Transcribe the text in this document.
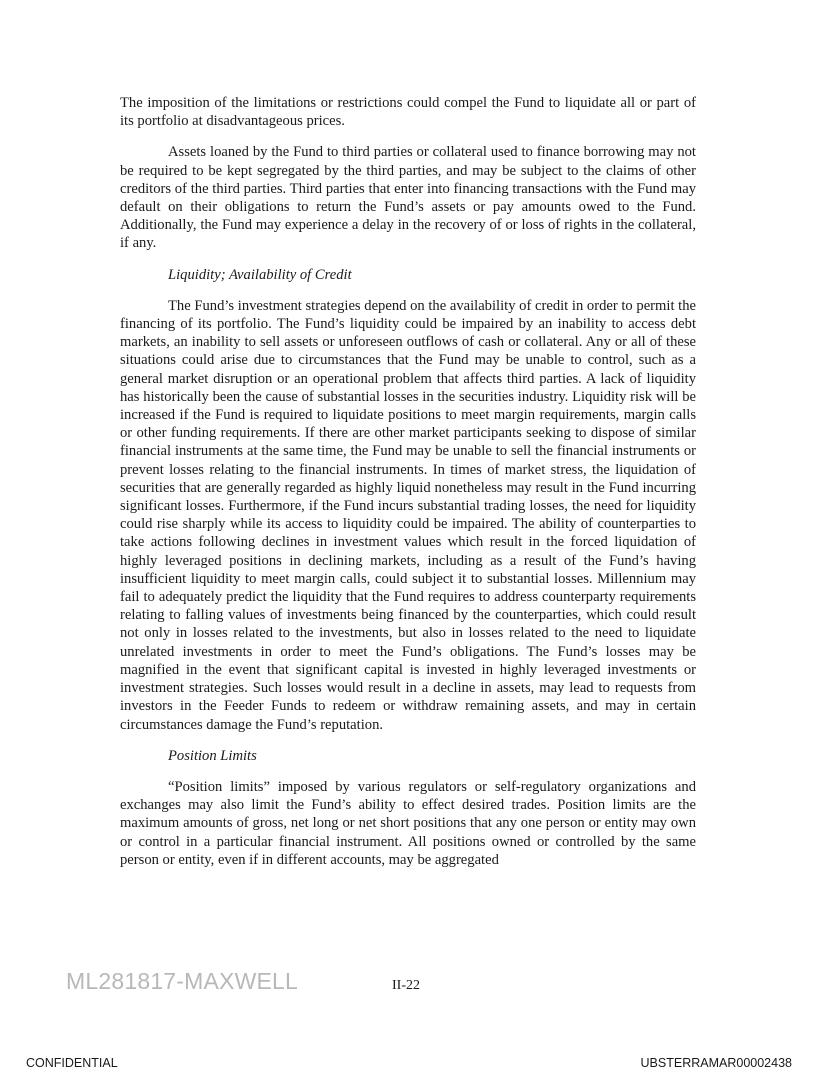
The imposition of the limitations or restrictions could compel the Fund to liquidate all or part of its portfolio at disadvantageous prices.

Assets loaned by the Fund to third parties or collateral used to finance borrowing may not be required to be kept segregated by the third parties, and may be subject to the claims of other creditors of the third parties. Third parties that enter into financing transactions with the Fund may default on their obligations to return the Fund’s assets or pay amounts owed to the Fund. Additionally, the Fund may experience a delay in the recovery of or loss of rights in the collateral, if any.

Liquidity; Availability of Credit

The Fund’s investment strategies depend on the availability of credit in order to permit the financing of its portfolio. The Fund’s liquidity could be impaired by an inability to access debt markets, an inability to sell assets or unforeseen outflows of cash or collateral. Any or all of these situations could arise due to circumstances that the Fund may be unable to control, such as a general market disruption or an operational problem that affects third parties. A lack of liquidity has historically been the cause of substantial losses in the securities industry. Liquidity risk will be increased if the Fund is required to liquidate positions to meet margin requirements, margin calls or other funding requirements. If there are other market participants seeking to dispose of similar financial instruments at the same time, the Fund may be unable to sell the financial instruments or prevent losses relating to the financial instruments. In times of market stress, the liquidation of securities that are generally regarded as highly liquid nonetheless may result in the Fund incurring significant losses. Furthermore, if the Fund incurs substantial trading losses, the need for liquidity could rise sharply while its access to liquidity could be impaired. The ability of counterparties to take actions following declines in investment values which result in the forced liquidation of highly leveraged positions in declining markets, including as a result of the Fund’s having insufficient liquidity to meet margin calls, could subject it to substantial losses. Millennium may fail to adequately predict the liquidity that the Fund requires to address counterparty requirements relating to falling values of investments being financed by the counterparties, which could result not only in losses related to the investments, but also in losses related to the need to liquidate unrelated investments in order to meet the Fund’s obligations. The Fund’s losses may be magnified in the event that significant capital is invested in highly leveraged investments or investment strategies. Such losses would result in a decline in assets, may lead to requests from investors in the Feeder Funds to redeem or withdraw remaining assets, and may in certain circumstances damage the Fund’s reputation.

Position Limits

“Position limits” imposed by various regulators or self-regulatory organizations and exchanges may also limit the Fund’s ability to effect desired trades. Position limits are the maximum amounts of gross, net long or net short positions that any one person or entity may own or control in a particular financial instrument. All positions owned or controlled by the same person or entity, even if in different accounts, may be aggregated

ML281817-MAXWELL	II-22
CONFIDENTIAL	UBSTERRAMAR00002438
